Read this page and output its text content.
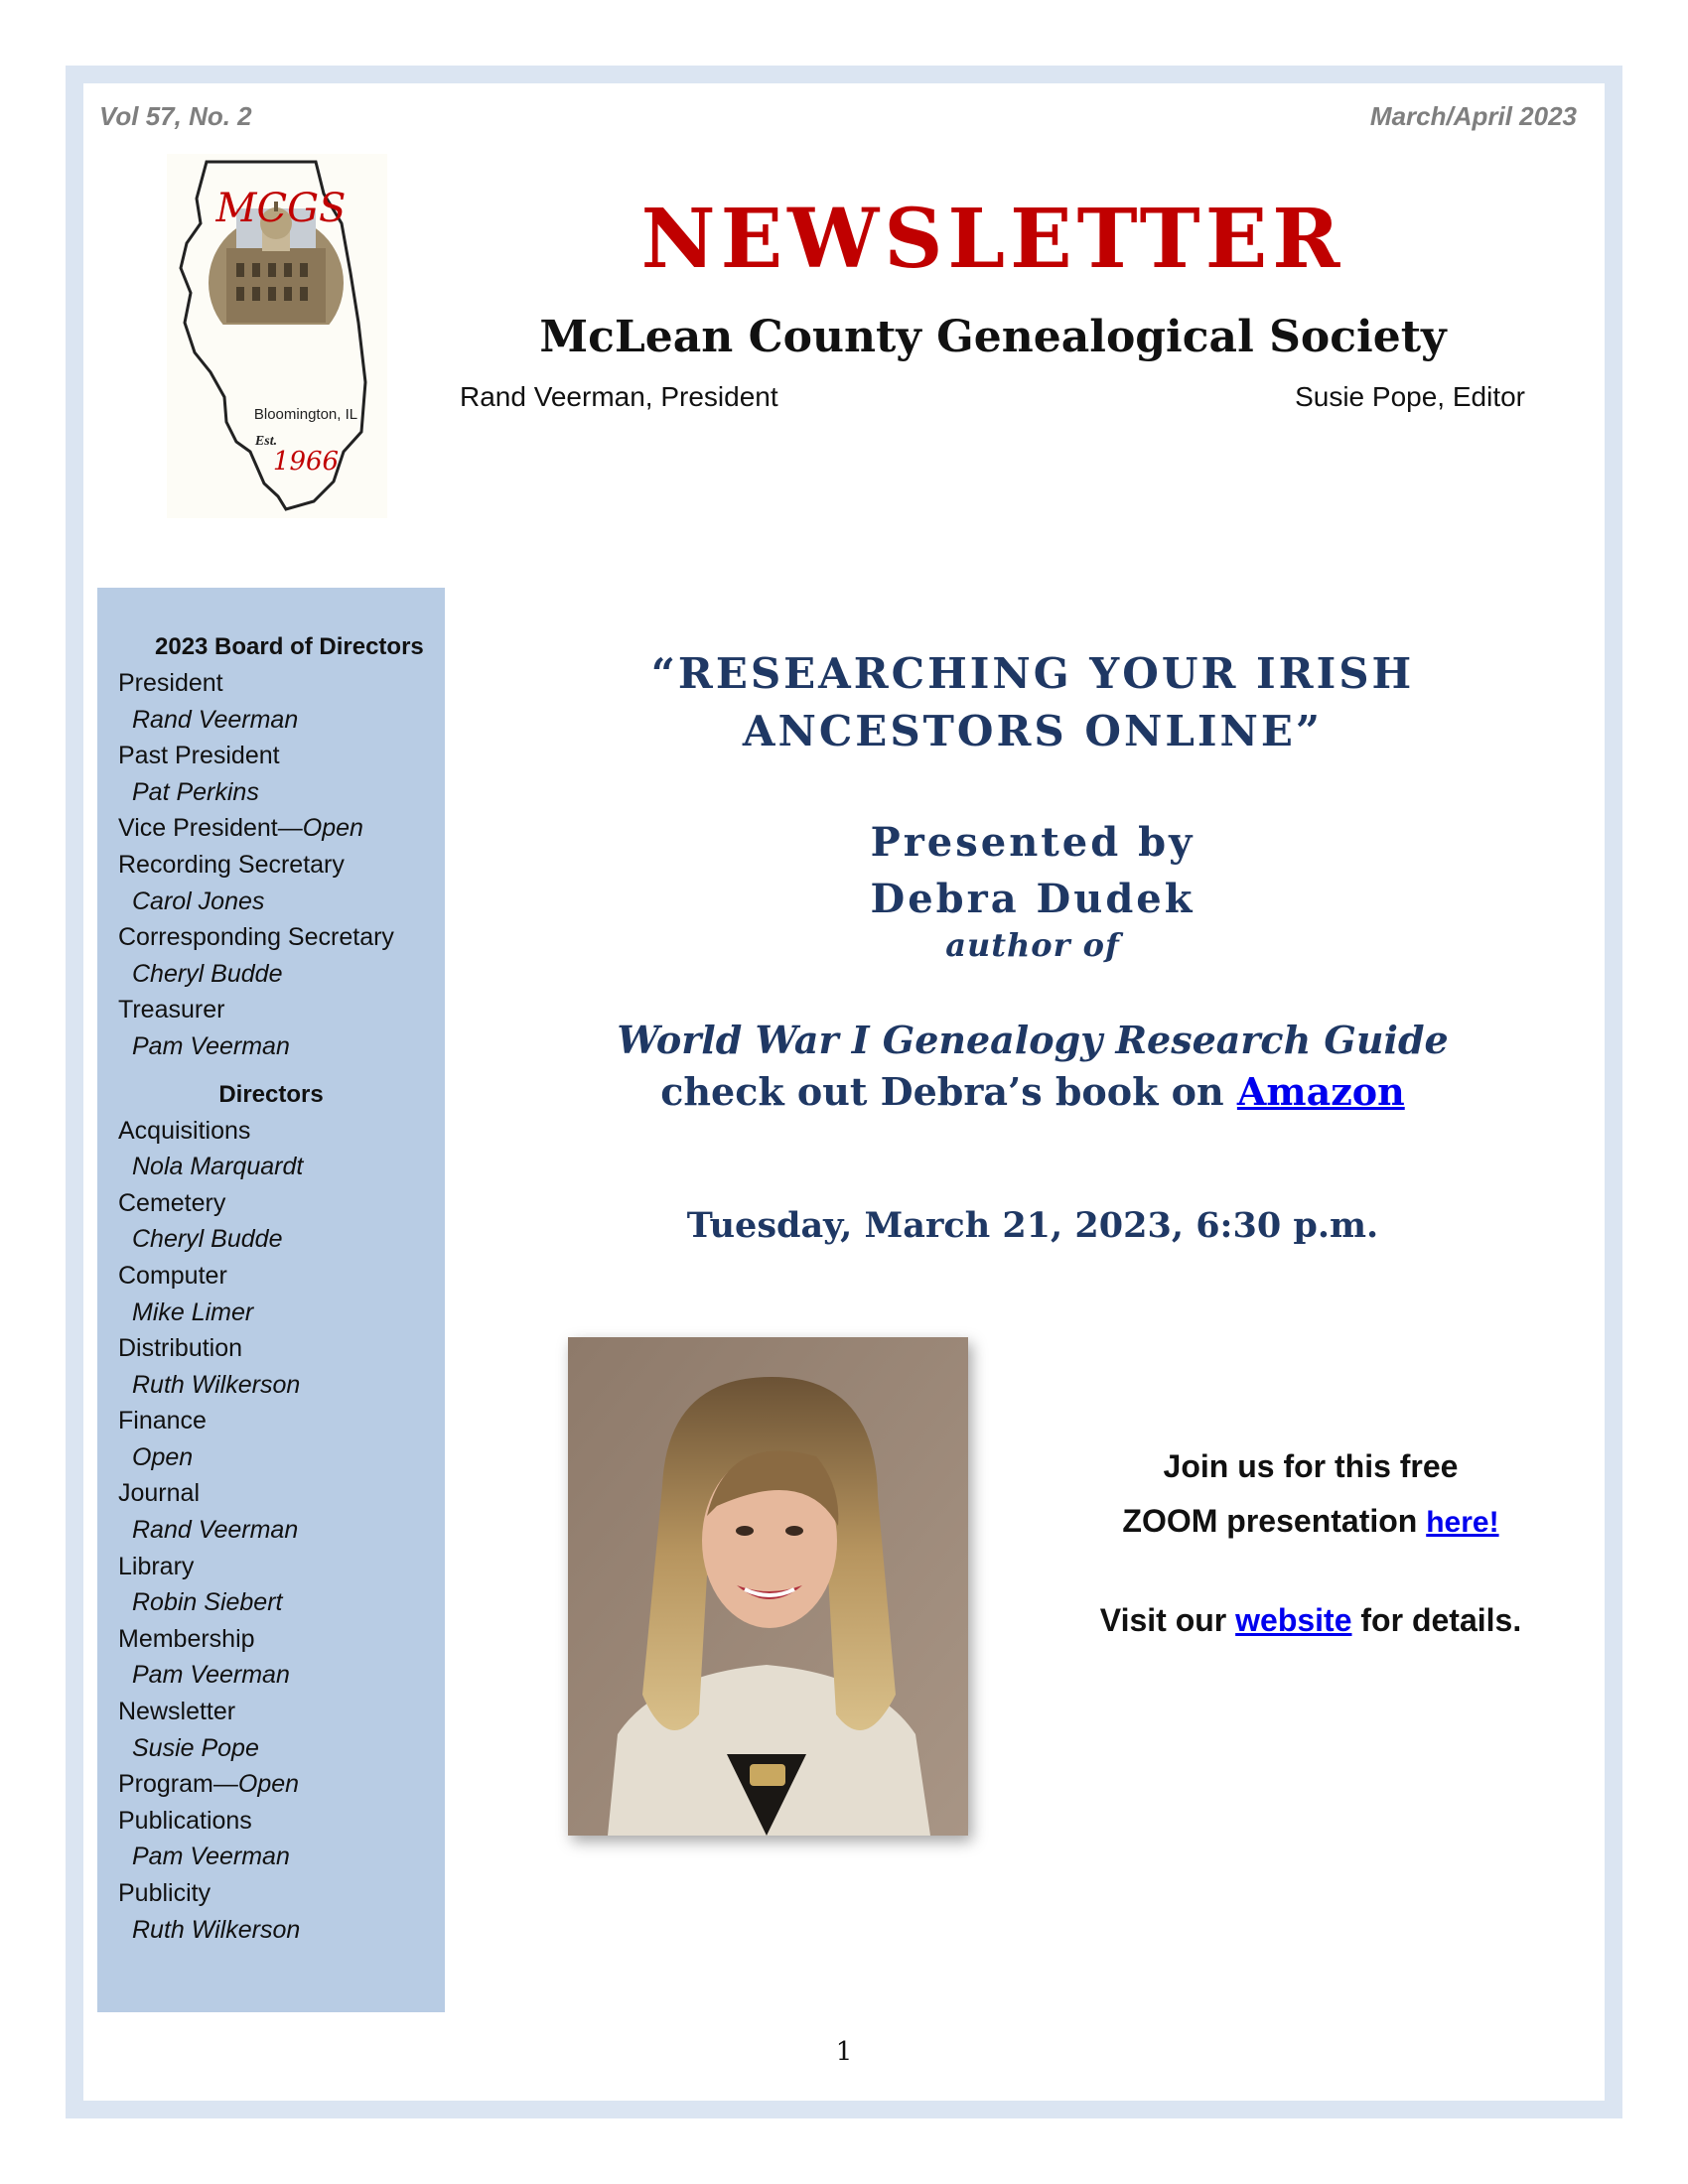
Vol 57, No. 2	March/April 2023
MCGS
Bloomington, IL
Est.
1966
NEWSLETTER
McLean County Genealogical Society
Rand Veerman, President	Susie Pope, Editor
2023 Board of Directors
President
Rand Veerman
Past President
Pat Perkins
Vice President—Open
Recording Secretary
Carol Jones
Corresponding Secretary
Cheryl Budde
Treasurer
Pam Veerman
Directors
Acquisitions
Nola Marquardt
Cemetery
Cheryl Budde
Computer
Mike Limer
Distribution
Ruth Wilkerson
Finance
Open
Journal
Rand Veerman
Library
Robin Siebert
Membership
Pam Veerman
Newsletter
Susie Pope
Program—Open
Publications
Pam Veerman
Publicity
Ruth Wilkerson
“RESEARCHING YOUR IRISH
ANCESTORS ONLINE”
Presented by
Debra Dudek
author of
World War I Genealogy Research Guide
check out Debra’s book on Amazon
Tuesday, March 21, 2023, 6:30 p.m.
Join us for this free
ZOOM presentation here!
Visit our website for details.
1
